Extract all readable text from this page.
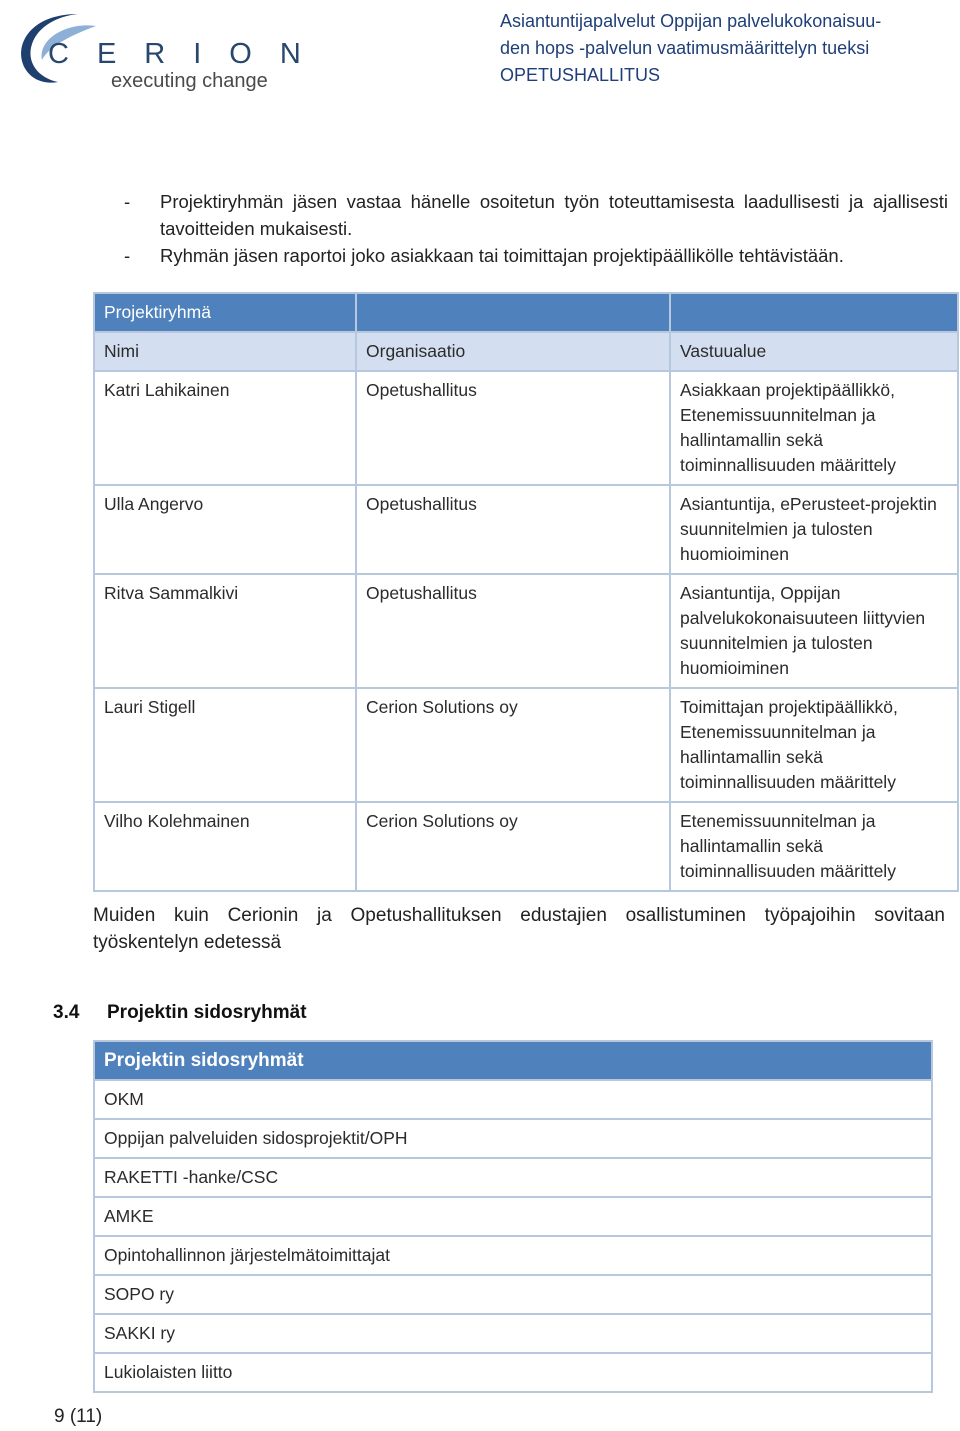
CERION
executing change
Asiantuntijapalvelut Oppijan palvelukokonaisuu-
den hops -palvelun vaatimusmäärittelyn tueksi
OPETUSHALLITUS
-	Projektiryhmän jäsen vastaa hänelle osoitetun työn toteuttamisesta laadullisesti ja ajallisesti tavoitteiden mukaisesti.
-	Ryhmän jäsen raportoi joko asiakkaan tai toimittajan projektipäällikölle tehtävistään.
Projektiryhmä		
Nimi	Organisaatio	Vastuualue
Katri Lahikainen	Opetushallitus	Asiakkaan projektipäällikkö, Etenemissuunnitelman ja hallintamallin sekä toiminnallisuuden määrittely
Ulla Angervo	Opetushallitus	Asiantuntija, ePerusteet-projektin suunnitelmien ja tulosten huomioiminen
Ritva Sammalkivi	Opetushallitus	Asiantuntija, Oppijan palvelukokonaisuuteen liittyvien suunnitelmien ja tulosten huomioiminen
Lauri Stigell	Cerion Solutions oy	Toimittajan projektipäällikkö, Etenemissuunnitelman ja hallintamallin sekä toiminnallisuuden määrittely
Vilho Kolehmainen	Cerion Solutions oy	Etenemissuunnitelman ja hallintamallin sekä toiminnallisuuden määrittely
Muiden kuin Cerionin ja Opetushallituksen edustajien osallistuminen työpajoihin sovitaan työskentelyn edetessä
3.4 Projektin sidosryhmät
Projektin sidosryhmät
OKM
Oppijan palveluiden sidosprojektit/OPH
RAKETTI -hanke/CSC
AMKE
Opintohallinnon järjestelmätoimittajat
SOPO ry
SAKKI ry
Lukiolaisten liitto
9 (11)
